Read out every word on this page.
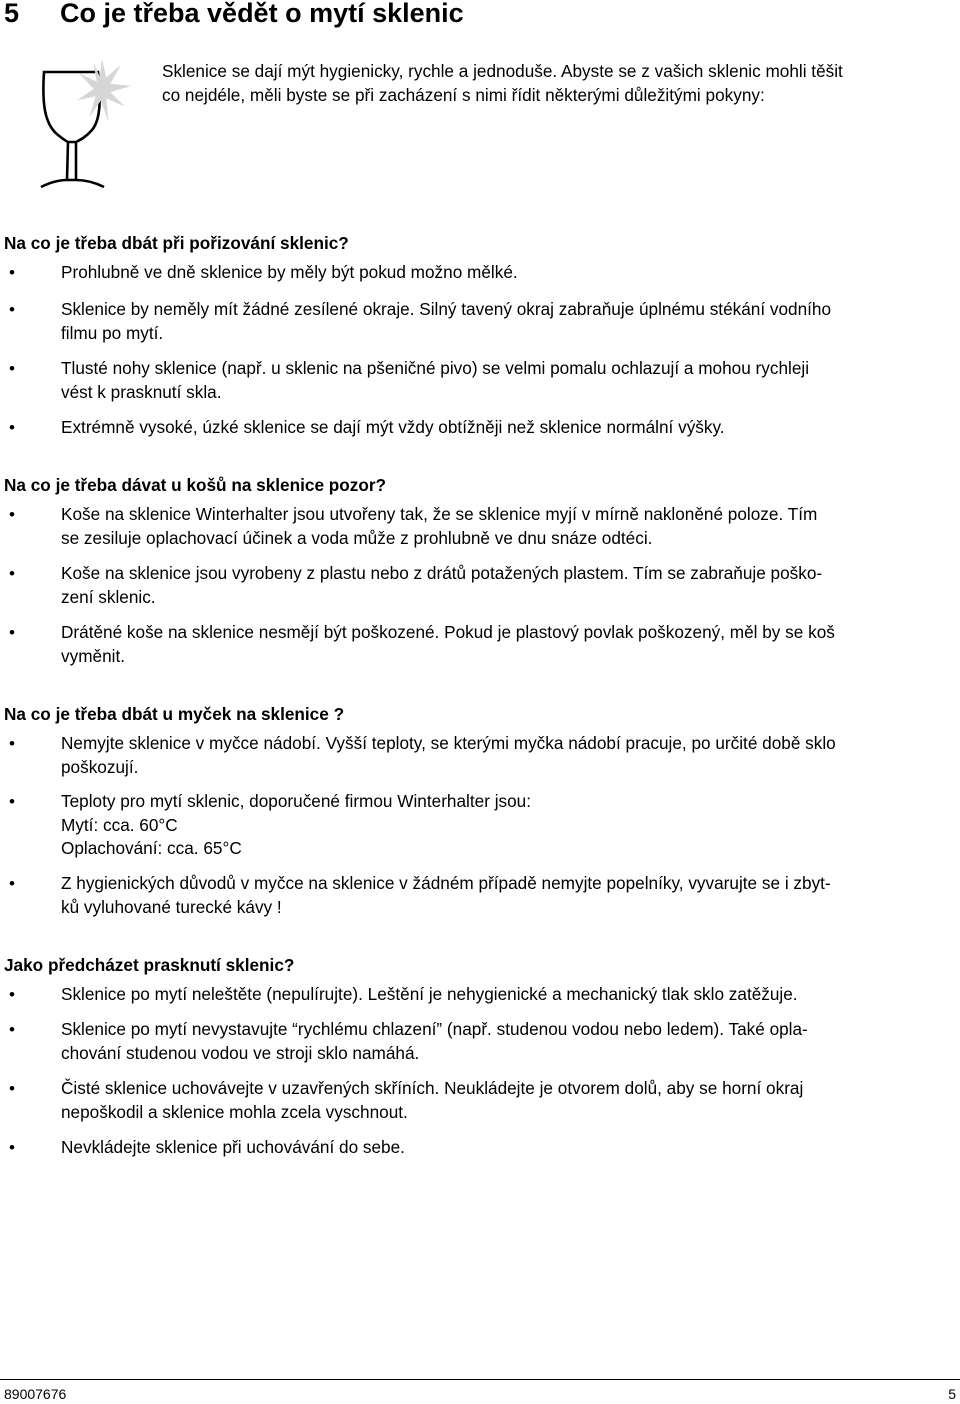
5 Co je třeba vědět o mytí sklenic

Sklenice se dají mýt hygienicky, rychle a jednoduše. Abyste se z vašich sklenic mohli těšit

co nejdéle, měli byste se při zacházení s nimi řídit některými důležitými pokyny:

Na co je třeba dbát při pořizování sklenic?
•	Prohlubně ve dně sklenice by měly být pokud možno mělké.

•	Sklenice by neměly mít žádné zesílené okraje. Silný tavený okraj zabraňuje úplnému stékání vodního

filmu po mytí.

•	Tlusté nohy sklenice (např. u sklenic na pšeničné pivo) se velmi pomalu ochlazují a mohou rychleji

vést k prasknutí skla.

•	Extrémně vysoké, úzké sklenice se dají mýt vždy obtížněji než sklenice normální výšky.

Na co je třeba dávat u košů na sklenice pozor?
•	Koše na sklenice Winterhalter jsou utvořeny tak, že se sklenice myjí v mírně nakloněné poloze. Tím

se zesiluje oplachovací účinek a voda může z prohlubně ve dnu snáze odtéci.

•	Koše na sklenice jsou vyrobeny z plastu nebo z drátů potažených plastem. Tím se zabraňuje poško-

zení sklenic.

•	Drátěné koše na sklenice nesmějí být poškozené. Pokud je plastový povlak poškozený, měl by se koš

vyměnit.

Na co je třeba dbát u myček na sklenice ?
•	Nemyjte sklenice v myčce nádobí. Vyšší teploty, se kterými myčka nádobí pracuje, po určité době sklo

poškozují.

•	Teploty pro mytí sklenic, doporučené firmou Winterhalter jsou:

Mytí: cca. 60°C

Oplachování: cca. 65°C

•	Z hygienických důvodů v myčce na sklenice v žádném případě nemyjte popelníky, vyvarujte se i zbyt-

ků vyluhované turecké kávy !

Jako předcházet prasknutí sklenic?
•	Sklenice po mytí neleštěte (nepulírujte). Leštění je nehygienické a mechanický tlak sklo zatěžuje.

•	Sklenice po mytí nevystavujte “rychlému chlazení” (např. studenou vodou nebo ledem). Také opla-

chování studenou vodou ve stroji sklo namáhá.

•	Čisté sklenice uchovávejte v uzavřených skříních. Neukládejte je otvorem dolů, aby se horní okraj

nepoškodil a sklenice mohla zcela vyschnout.

•	Nevkládejte sklenice při uchovávání do sebe.

89007676	5
